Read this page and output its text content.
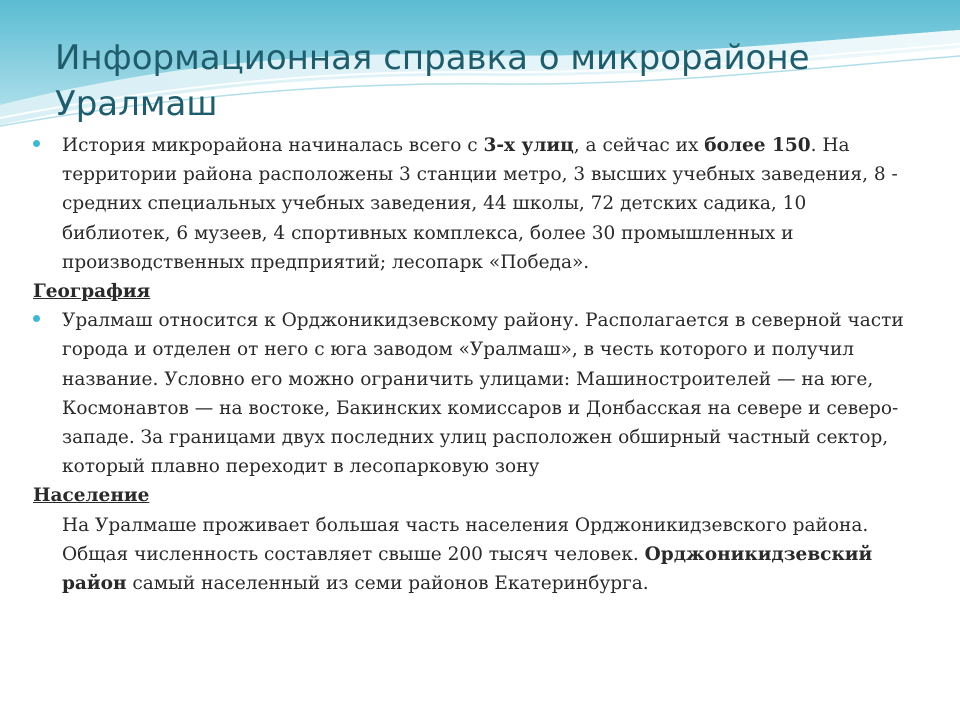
Информационная справка о микрорайоне Уралмаш

История микрорайона начиналась всего с 3-х улиц, а сейчас их более 150. На территории района расположены 3 станции метро, 3 высших учебных заведения, 8 - средних специальных учебных заведения, 44 школы, 72 детских садика, 10 библиотек, 6 музеев, 4 спортивных комплекса, более 30 промышленных и производственных предприятий; лесопарк «Победа».

География

Уралмаш относится к Орджоникидзевскому району. Располагается в северной части города и отделен от него с юга заводом «Уралмаш», в честь которого и получил название. Условно его можно ограничить улицами: Машиностроителей — на юге, Космонавтов — на востоке, Бакинских комиссаров и Донбасская на севере и северо-западе. За границами двух последних улиц расположен обширный частный сектор, который плавно переходит в лесопарковую зону

Население

На Уралмаше проживает большая часть населения Орджоникидзевского района. Общая численность составляет свыше 200 тысяч человек. Орджоникидзевский район самый населенный из семи районов Екатеринбурга.
